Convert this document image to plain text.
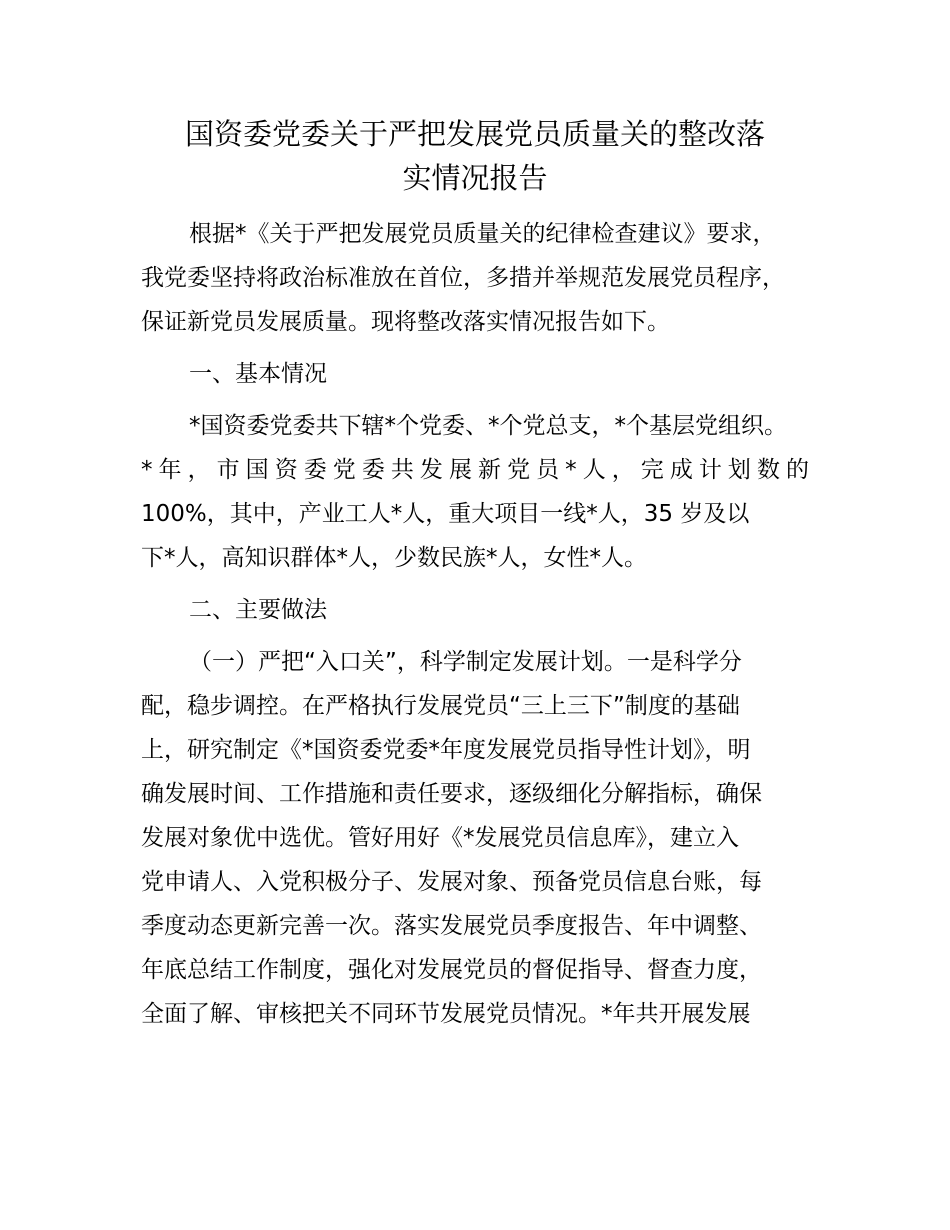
国资委党委关于严把发展党员质量关的整改落
实情况报告
根据*《关于严把发展党员质量关的纪律检查建议》要求，
我党委坚持将政治标准放在首位，多措并举规范发展党员程序，
保证新党员发展质量。现将整改落实情况报告如下。
一、基本情况
*国资委党委共下辖*个党委、*个党总支，*个基层党组织。
*年，市国资委党委共发展新党员*人，完成计划数的
100%，其中，产业工人*人，重大项目一线*人，35 岁及以
下*人，高知识群体*人，少数民族*人，女性*人。
二、主要做法
（一）严把“入口关”，科学制定发展计划。一是科学分
配，稳步调控。在严格执行发展党员“三上三下”制度的基础
上，研究制定《*国资委党委*年度发展党员指导性计划》，明
确发展时间、工作措施和责任要求，逐级细化分解指标，确保
发展对象优中选优。管好用好《*发展党员信息库》，建立入
党申请人、入党积极分子、发展对象、预备党员信息台账，每
季度动态更新完善一次。落实发展党员季度报告、年中调整、
年底总结工作制度，强化对发展党员的督促指导、督查力度，
全面了解、审核把关不同环节发展党员情况。*年共开展发展
